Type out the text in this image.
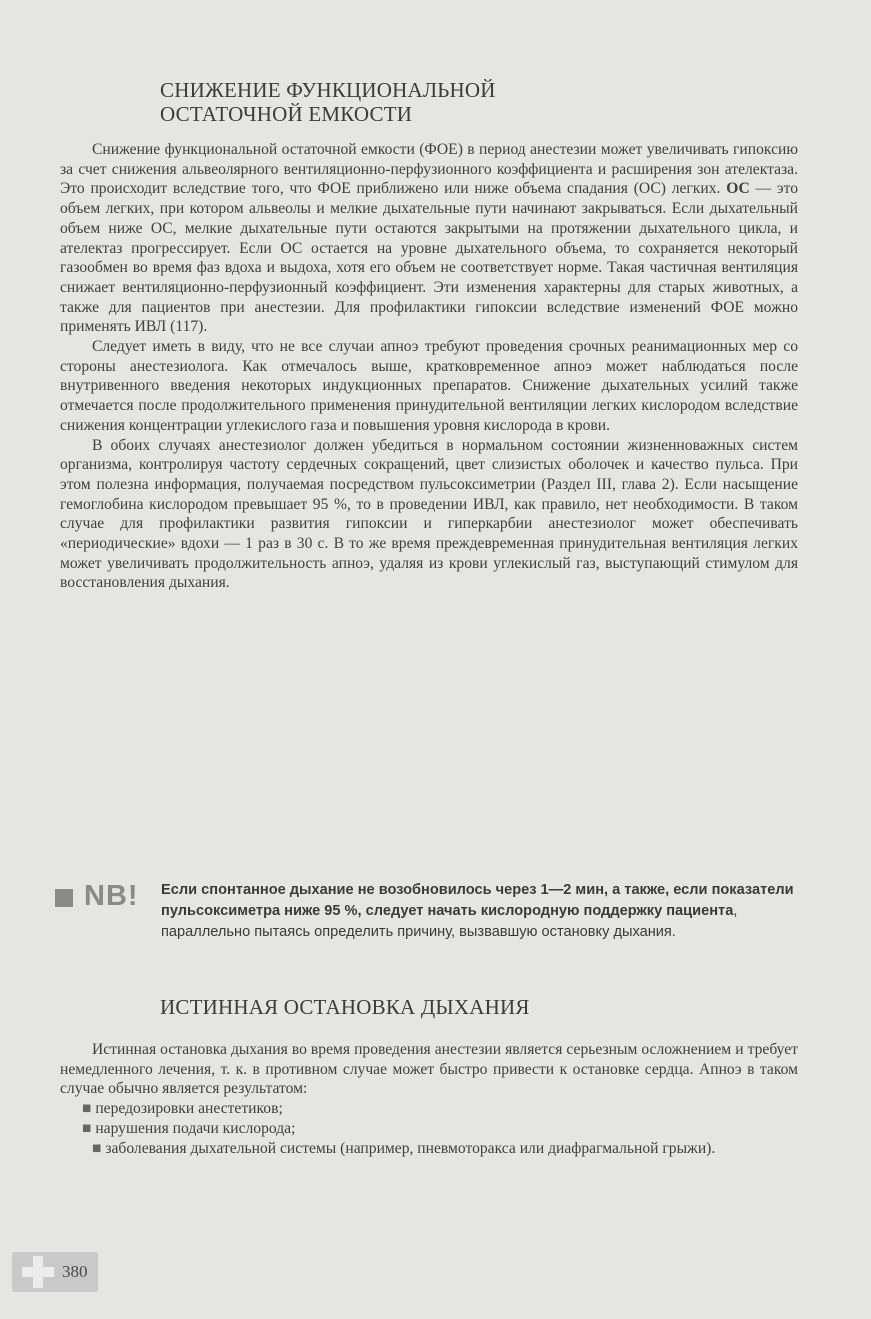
СНИЖЕНИЕ ФУНКЦИОНАЛЬНОЙ
ОСТАТОЧНОЙ ЕМКОСТИ

Снижение функциональной остаточной емкости (ФОЕ) в период анестезии может увеличивать гипоксию за счет снижения альвеолярного вентиляционно-перфузионного коэффициента и расширения зон ателектаза. Это происходит вследствие того, что ФОЕ приближено или ниже объема спадания (ОС) легких. ОС — это объем легких, при котором альвеолы и мелкие дыхательные пути начинают закрываться. Если дыхательный объем ниже ОС, мелкие дыхательные пути остаются закрытыми на протяжении дыхательного цикла, и ателектаз прогрессирует. Если ОС остается на уровне дыхательного объема, то сохраняется некоторый газообмен во время фаз вдоха и выдоха, хотя его объем не соответствует норме. Такая частичная вентиляция снижает вентиляционно-перфузионный коэффициент. Эти изменения характерны для старых животных, а также для пациентов при анестезии. Для профилактики гипоксии вследствие изменений ФОЕ можно применять ИВЛ (117).

Следует иметь в виду, что не все случаи апноэ требуют проведения срочных реанимационных мер со стороны анестезиолога. Как отмечалось выше, кратковременное апноэ может наблюдаться после внутривенного введения некоторых индукционных препаратов. Снижение дыхательных усилий также отмечается после продолжительного применения принудительной вентиляции легких кислородом вследствие снижения концентрации углекислого газа и повышения уровня кислорода в крови.

В обоих случаях анестезиолог должен убедиться в нормальном состоянии жизненноважных систем организма, контролируя частоту сердечных сокращений, цвет слизистых оболочек и качество пульса. При этом полезна информация, получаемая посредством пульсоксиметрии (Раздел III, глава 2). Если насыщение гемоглобина кислородом превышает 95 %, то в проведении ИВЛ, как правило, нет необходимости. В таком случае для профилактики развития гипоксии и гиперкарбии анестезиолог может обеспечивать «периодические» вдохи — 1 раз в 30 с. В то же время преждевременная принудительная вентиляция легких может увеличивать продолжительность апноэ, удаляя из крови углекислый газ, выступающий стимулом для восстановления дыхания.

NB! Если спонтанное дыхание не возобновилось через 1—2 мин, а также, если показатели пульсоксиметра ниже 95 %, следует начать кислородную поддержку пациента, параллельно пытаясь определить причину, вызвавшую остановку дыхания.
ИСТИННАЯ ОСТАНОВКА ДЫХАНИЯ

Истинная остановка дыхания во время проведения анестезии является серьезным осложнением и требует немедленного лечения, т. к. в противном случае может быстро привести к остановке сердца. Апноэ в таком случае обычно является результатом:

■ передозировки анестетиков;
■ нарушения подачи кислорода;

■ заболевания дыхательной системы (например, пневмоторакса или диафрагмальной грыжи).

380
